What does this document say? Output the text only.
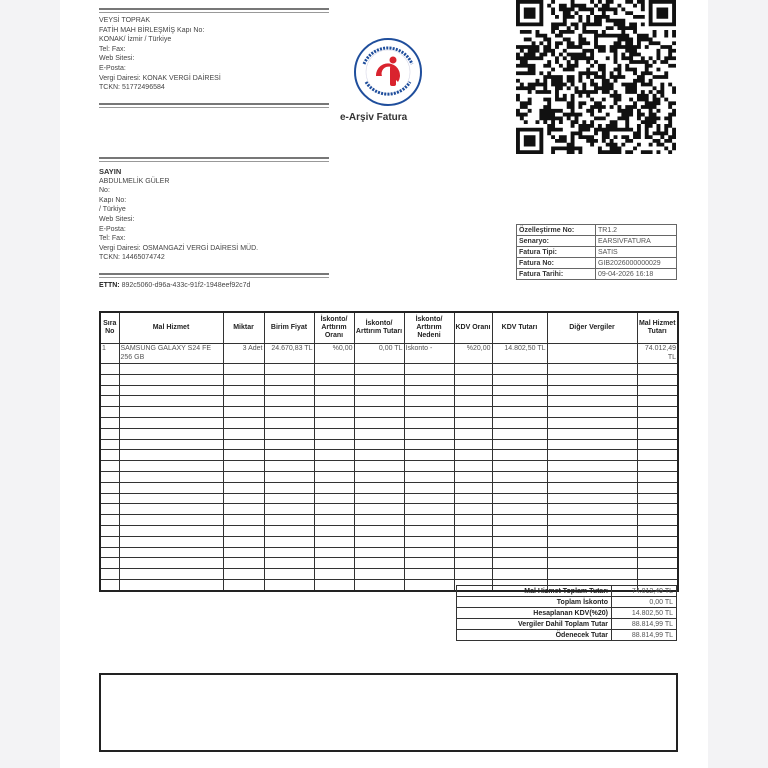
VEYSİ TOPRAK
FATİH MAH BİRLEŞMİŞ Kapı No:
KONAK/ İzmir / Türkiye
Tel: Fax:
Web Sitesi:
E-Posta:
Vergi Dairesi: KONAK VERGİ DAİRESİ
TCKN: 51772496584
e-Arşiv Fatura
SAYIN
ABDULMELİK GÜLER
No:
Kapı No:
/ Türkiye
Web Sitesi:
E-Posta:
Tel: Fax:
Vergi Dairesi: OSMANGAZİ VERGİ DAİRESİ MÜD.
TCKN: 14465074742
Özelleştirme No:	TR1.2
Senaryo:	EARSIVFATURA
Fatura Tipi:	SATIS
Fatura No:	GIB2026000000029
Fatura Tarihi:	09-04-2026 16:18
ETTN: 892c5060-d96a-433c-91f2-1948eef92c7d
Sıra No	Mal Hizmet	Miktar	Birim Fiyat	İskonto/ Arttırım Oranı	İskonto/ Arttırım Tutarı	İskonto/ Arttırım Nedeni	KDV Oranı	KDV Tutarı	Diğer Vergiler	Mal Hizmet Tutarı
1	SAMSUNG GALAXY S24 FE 256 GB	3 Adet	24.670,83 TL	%0,00	0,00 TL	İskonto -	%20,00	14.802,50 TL		74.012,49 TL

Mal Hizmet Toplam Tutarı	74.012,49 TL
Toplam İskonto	0,00 TL
Hesaplanan KDV(%20)	14.802,50 TL
Vergiler Dahil Toplam Tutar	88.814,99 TL
Ödenecek Tutar	88.814,99 TL
